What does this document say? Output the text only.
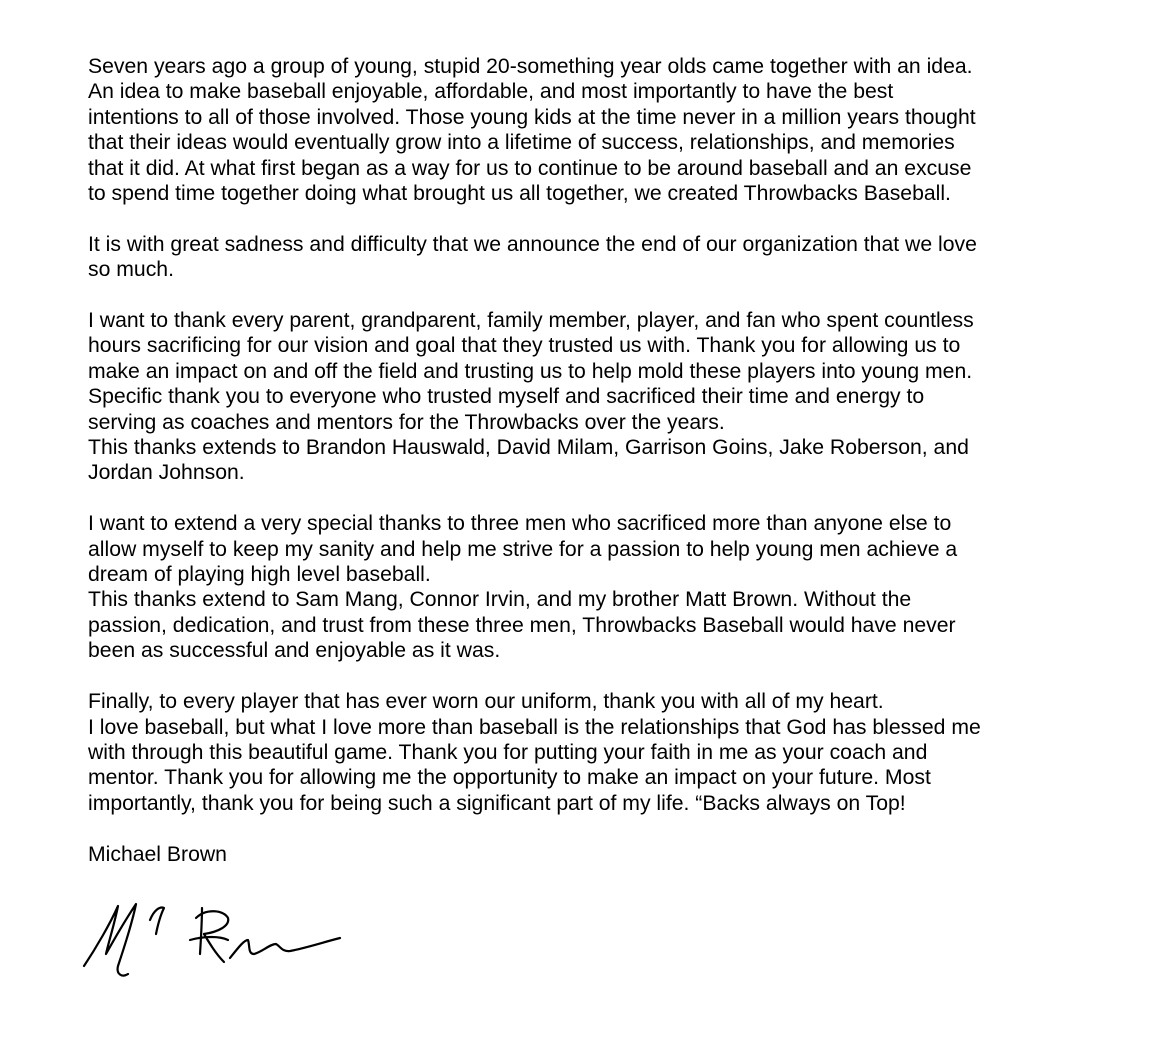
Seven years ago a group of young, stupid 20-something year olds came together with an idea.
An idea to make baseball enjoyable, affordable, and most importantly to have the best
intentions to all of those involved. Those young kids at the time never in a million years thought
that their ideas would eventually grow into a lifetime of success, relationships, and memories
that it did. At what first began as a way for us to continue to be around baseball and an excuse
to spend time together doing what brought us all together, we created Throwbacks Baseball.
It is with great sadness and difficulty that we announce the end of our organization that we love
so much.
I want to thank every parent, grandparent, family member, player, and fan who spent countless
hours sacrificing for our vision and goal that they trusted us with. Thank you for allowing us to
make an impact on and off the field and trusting us to help mold these players into young men.
Specific thank you to everyone who trusted myself and sacrificed their time and energy to
serving as coaches and mentors for the Throwbacks over the years.
This thanks extends to Brandon Hauswald, David Milam, Garrison Goins, Jake Roberson, and
Jordan Johnson.
I want to extend a very special thanks to three men who sacrificed more than anyone else to
allow myself to keep my sanity and help me strive for a passion to help young men achieve a
dream of playing high level baseball.
This thanks extend to Sam Mang, Connor Irvin, and my brother Matt Brown. Without the
passion, dedication, and trust from these three men, Throwbacks Baseball would have never
been as successful and enjoyable as it was.
Finally, to every player that has ever worn our uniform, thank you with all of my heart.
I love baseball, but what I love more than baseball is the relationships that God has blessed me
with through this beautiful game. Thank you for putting your faith in me as your coach and
mentor. Thank you for allowing me the opportunity to make an impact on your future. Most
importantly, thank you for being such a significant part of my life. “Backs always on Top!

Michael Brown
